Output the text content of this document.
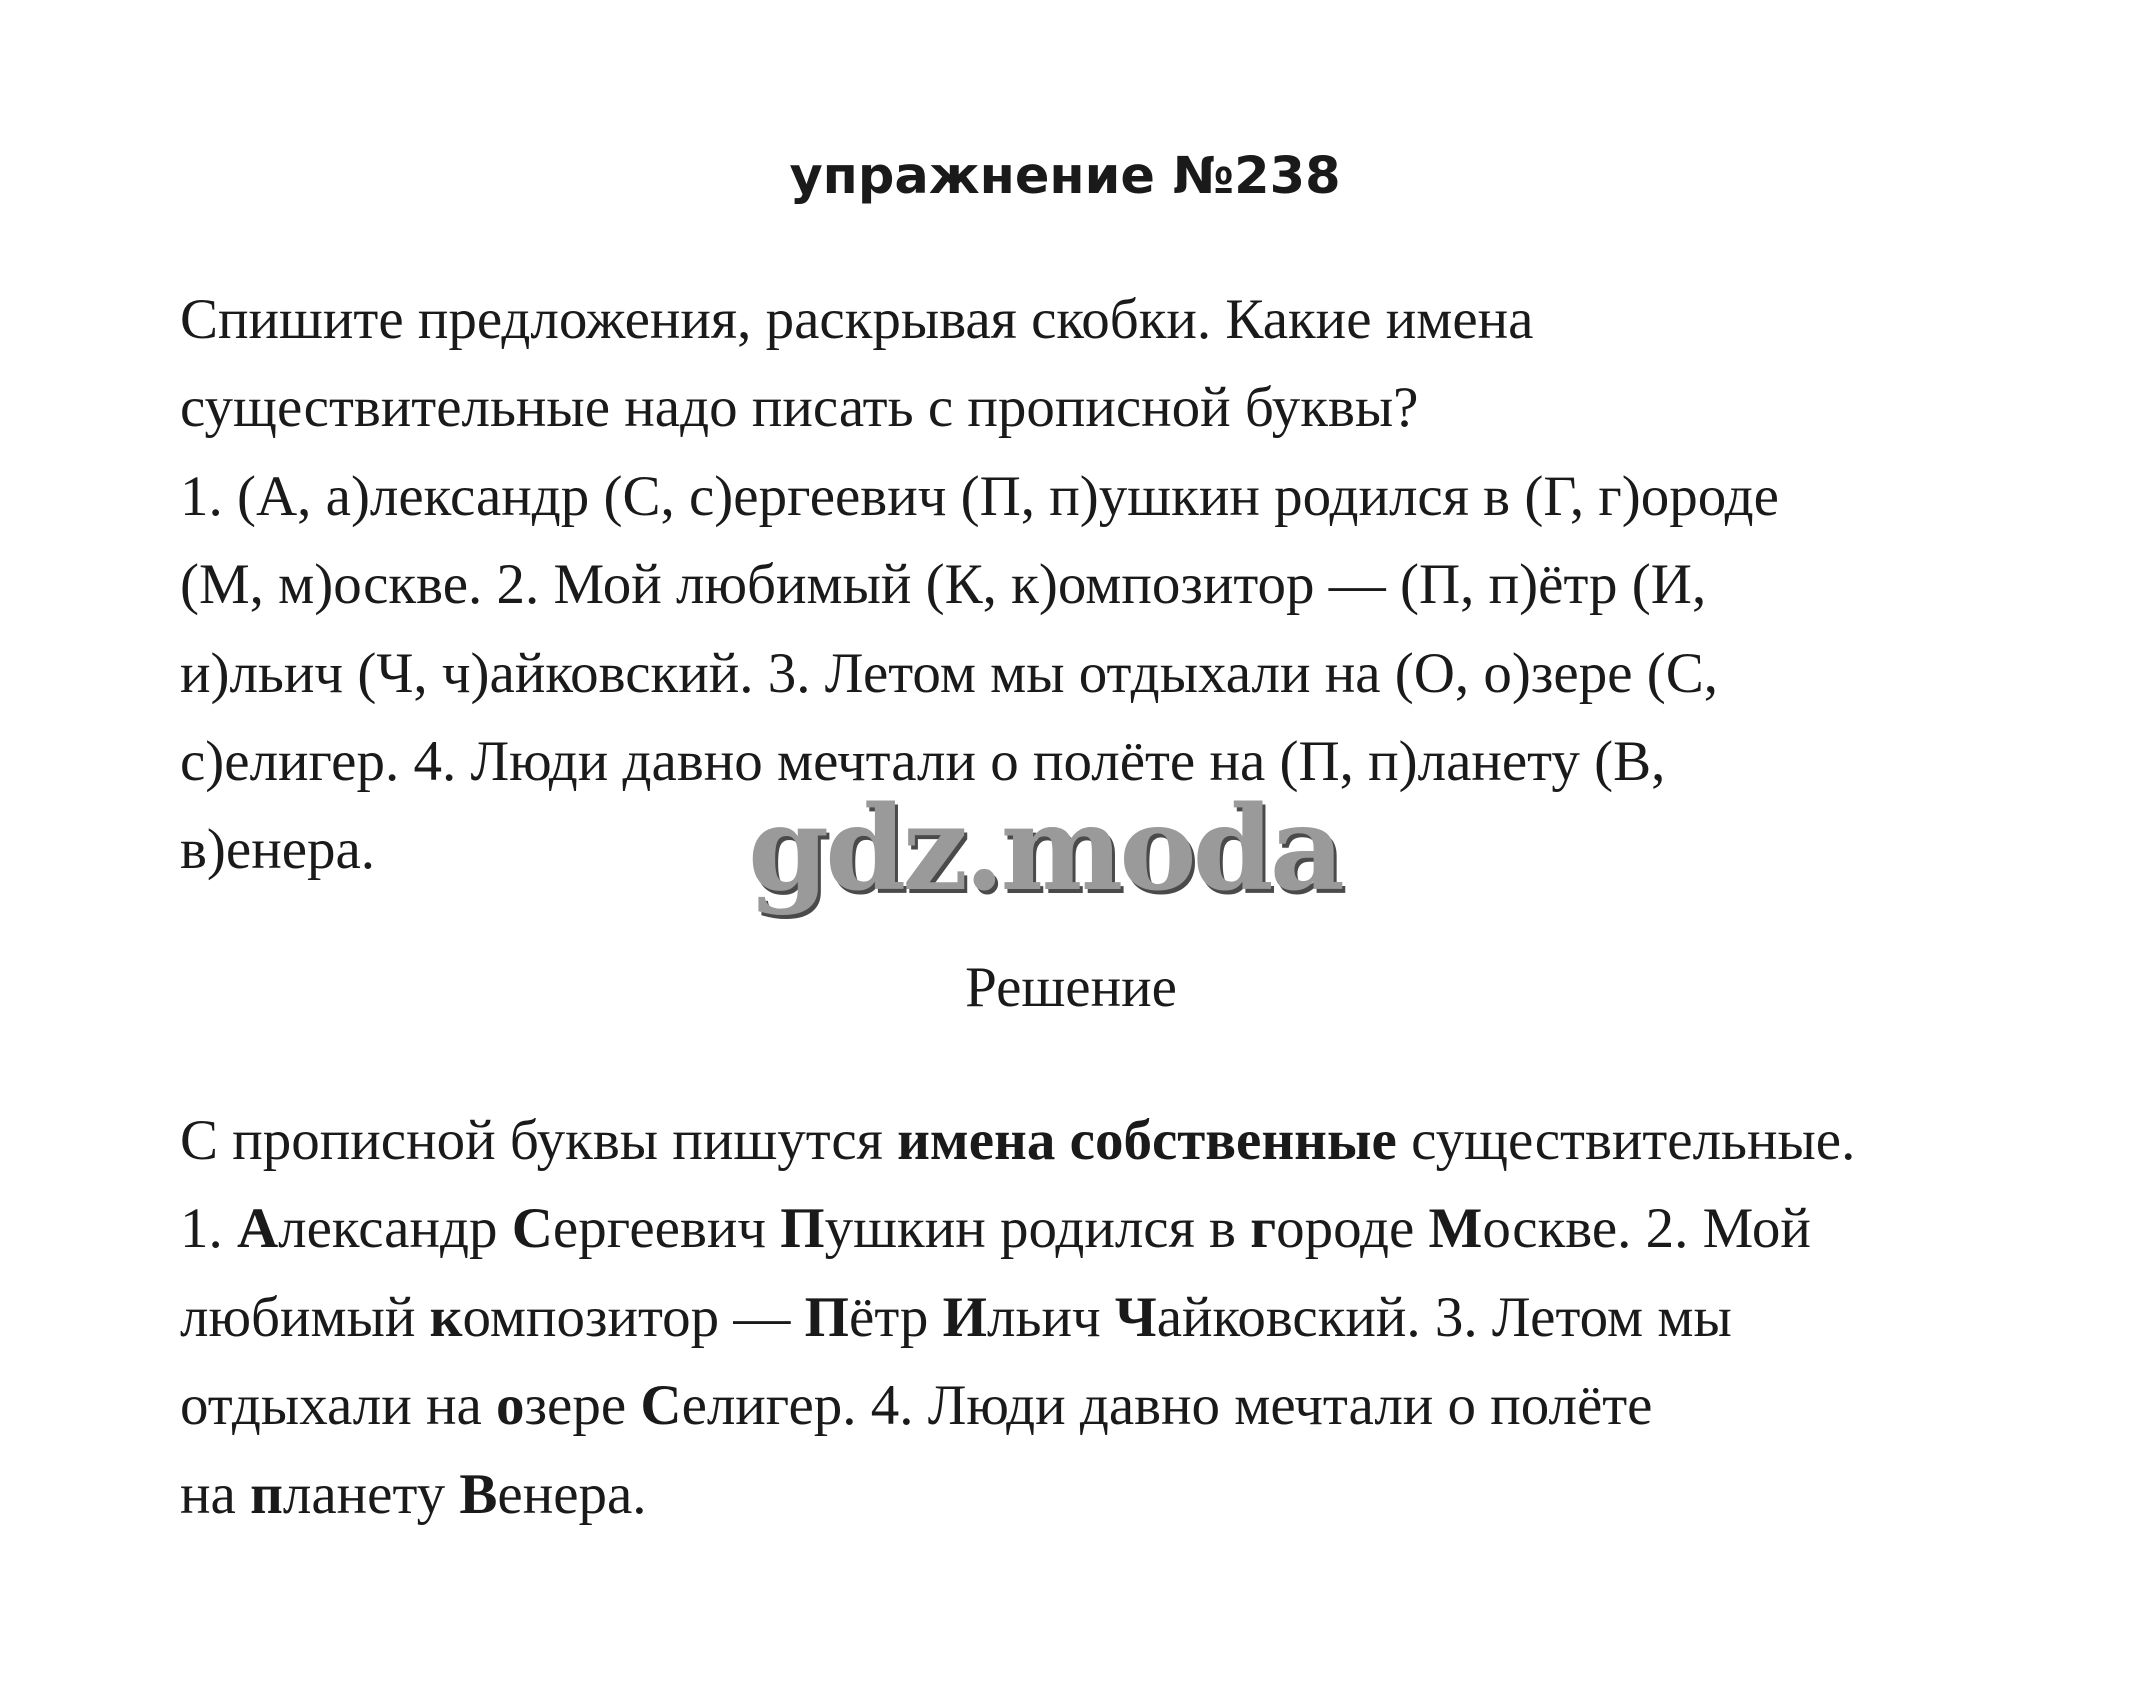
упражнение №238
Спишите предложения, раскрывая скобки. Какие имена
существительные надо писать с прописной буквы?
1. (А, а)лександр (С, с)ергеевич (П, п)ушкин родился в (Г, г)ороде
(М, м)оскве. 2. Мой любимый (К, к)омпозитор — (П, п)ётр (И,
и)льич (Ч, ч)айковский. 3. Летом мы отдыхали на (О, о)зере (С,
с)елигер. 4. Люди давно мечтали о полёте на (П, п)ланету (В,
в)енера.	gdz.moda
Решение
С прописной буквы пишутся имена собственные существительные.
1. Александр Сергеевич Пушкин родился в городе Москве. 2. Мой
любимый композитор — Пётр Ильич Чайковский. 3. Летом мы
отдыхали на озере Селигер. 4. Люди давно мечтали о полёте
на планету Венера.
